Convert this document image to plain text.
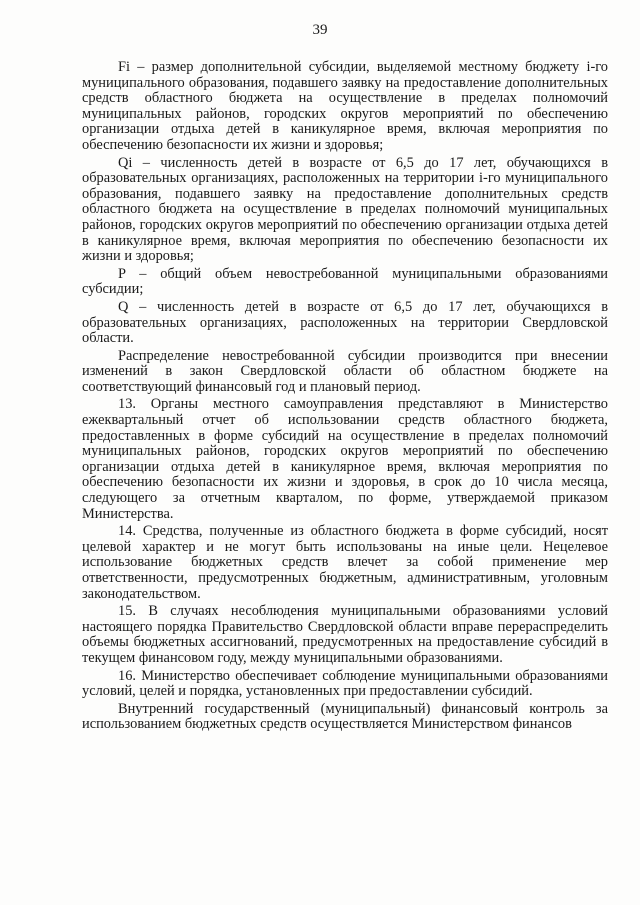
39

Fi – размер дополнительной субсидии, выделяемой местному бюджету i-го муниципального образования, подавшего заявку на предоставление дополнительных средств областного бюджета на осуществление в пределах полномочий муниципальных районов, городских округов мероприятий по обеспечению организации отдыха детей в каникулярное время, включая мероприятия по обеспечению безопасности их жизни и здоровья;

Qi – численность детей в возрасте от 6,5 до 17 лет, обучающихся в образовательных организациях, расположенных на территории i-го муниципального образования, подавшего заявку на предоставление дополнительных средств областного бюджета на осуществление в пределах полномочий муниципальных районов, городских округов мероприятий по обеспечению организации отдыха детей в каникулярное время, включая мероприятия по обеспечению безопасности их жизни и здоровья;

P – общий объем невостребованной муниципальными образованиями субсидии;

Q – численность детей в возрасте от 6,5 до 17 лет, обучающихся в образовательных организациях, расположенных на территории Свердловской области.

Распределение невостребованной субсидии производится при внесении изменений в закон Свердловской области об областном бюджете на соответствующий финансовый год и плановый период.

13. Органы местного самоуправления представляют в Министерство ежеквартальный отчет об использовании средств областного бюджета, предоставленных в форме субсидий на осуществление в пределах полномочий муниципальных районов, городских округов мероприятий по обеспечению организации отдыха детей в каникулярное время, включая мероприятия по обеспечению безопасности их жизни и здоровья, в срок до 10 числа месяца, следующего за отчетным кварталом, по форме, утверждаемой приказом Министерства.

14. Средства, полученные из областного бюджета в форме субсидий, носят целевой характер и не могут быть использованы на иные цели. Нецелевое использование бюджетных средств влечет за собой применение мер ответственности, предусмотренных бюджетным, административным, уголовным законодательством.

15. В случаях несоблюдения муниципальными образованиями условий настоящего порядка Правительство Свердловской области вправе перераспределить объемы бюджетных ассигнований, предусмотренных на предоставление субсидий в текущем финансовом году, между муниципальными образованиями.

16. Министерство обеспечивает соблюдение муниципальными образованиями условий, целей и порядка, установленных при предоставлении субсидий.

Внутренний государственный (муниципальный) финансовый контроль за использованием бюджетных средств осуществляется Министерством финансов
